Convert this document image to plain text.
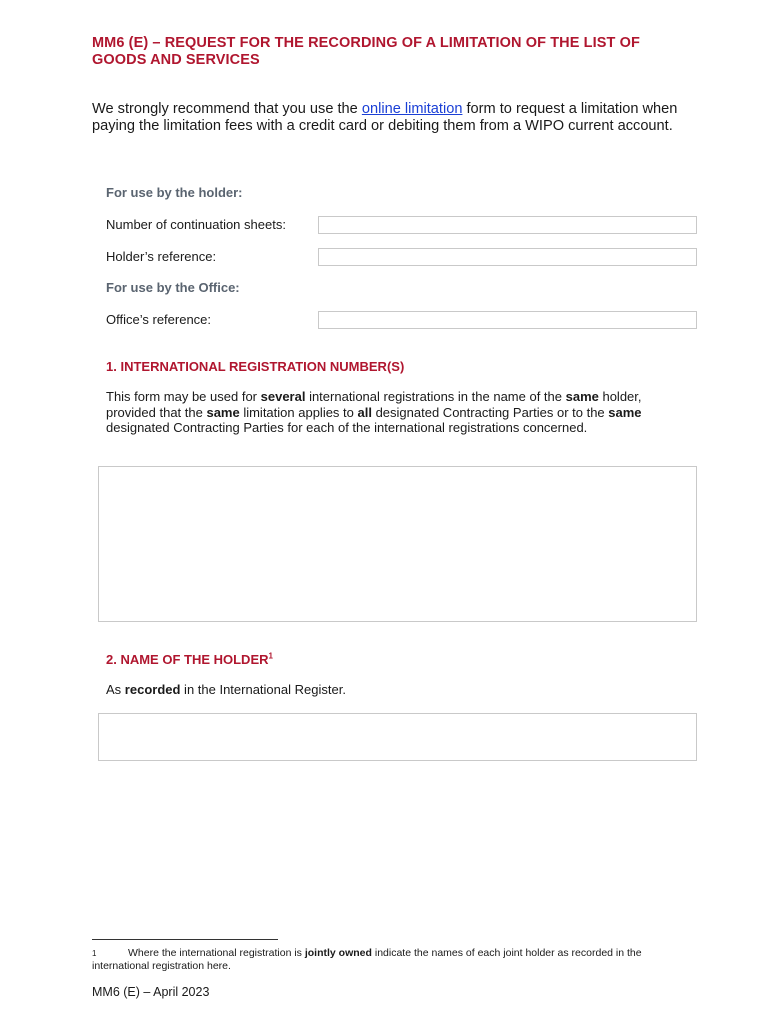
MM6 (E) – REQUEST FOR THE RECORDING OF A LIMITATION OF THE LIST OF GOODS AND SERVICES
We strongly recommend that you use the online limitation form to request a limitation when paying the limitation fees with a credit card or debiting them from a WIPO current account.
For use by the holder:
Number of continuation sheets:
Holder’s reference:
For use by the Office:
Office’s reference:
1. INTERNATIONAL REGISTRATION NUMBER(S)
This form may be used for several international registrations in the name of the same holder, provided that the same limitation applies to all designated Contracting Parties or to the same designated Contracting Parties for each of the international registrations concerned.
2. NAME OF THE HOLDER$^1$
As recorded in the International Register.
1	Where the international registration is jointly owned indicate the names of each joint holder as recorded in the international registration here.
MM6 (E) – April 2023
